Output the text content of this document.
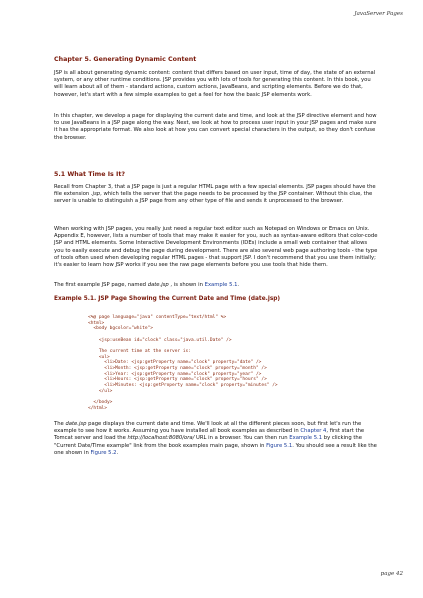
JavaServer Pages
Chapter 5. Generating Dynamic Content

JSP is all about generating dynamic content: content that differs based on user input, time of day, the state of an external system, or any other runtime conditions. JSP provides you with lots of tools for generating this content. In this book, you will learn about all of them - standard actions, custom actions, JavaBeans, and scripting elements. Before we do that, however, let's start with a few simple examples to get a feel for how the basic JSP elements work.

In this chapter, we develop a page for displaying the current date and time, and look at the JSP directive element and how to use JavaBeans in a JSP page along the way. Next, we look at how to process user input in your JSP pages and make sure it has the appropriate format. We also look at how you can convert special characters in the output, so they don't confuse the browser.

5.1 What Time Is It?

Recall from Chapter 3, that a JSP page is just a regular HTML page with a few special elements. JSP pages should have the file extension .jsp, which tells the server that the page needs to be processed by the JSP container. Without this clue, the server is unable to distinguish a JSP page from any other type of file and sends it unprocessed to the browser.

When working with JSP pages, you really just need a regular text editor such as Notepad on Windows or Emacs on Unix. Appendix E, however, lists a number of tools that may make it easier for you, such as syntax-aware editors that color-code JSP and HTML elements. Some Interactive Development Environments (IDEs) include a small web container that allows you to easily execute and debug the page during development. There are also several web page authoring tools - the type of tools often used when developing regular HTML pages - that support JSP. I don't recommend that you use them initially; it's easier to learn how JSP works if you see the raw page elements before you use tools that hide them.

The first example JSP page, named date.jsp , is shown in Example 5.1.

Example 5.1. JSP Page Showing the Current Date and Time (date.jsp)
<%@ page language="java" contentType="text/html" %>
<html>
<body bgcolor="white">

<jsp:useBean id="clock" class="java.util.Date" />

The current time at the server is:
<ul>
<li>Date: <jsp:getProperty name="clock" property="date" />
<li>Month: <jsp:getProperty name="clock" property="month" />
<li>Year: <jsp:getProperty name="clock" property="year" />
<li>Hours: <jsp:getProperty name="clock" property="hours" />
<li>Minutes: <jsp:getProperty name="clock" property="minutes" />
</ul>

</body>
</html>

The date.jsp page displays the current date and time. We'll look at all the different pieces soon, but first let's run the example to see how it works. Assuming you have installed all book examples as described in Chapter 4, first start the Tomcat server and load the http://localhost:8080/ora/ URL in a browser. You can then run Example 5.1 by clicking the "Current Date/Time example" link from the book examples main page, shown in Figure 5.1. You should see a result like the one shown in Figure 5.2.

page 42
